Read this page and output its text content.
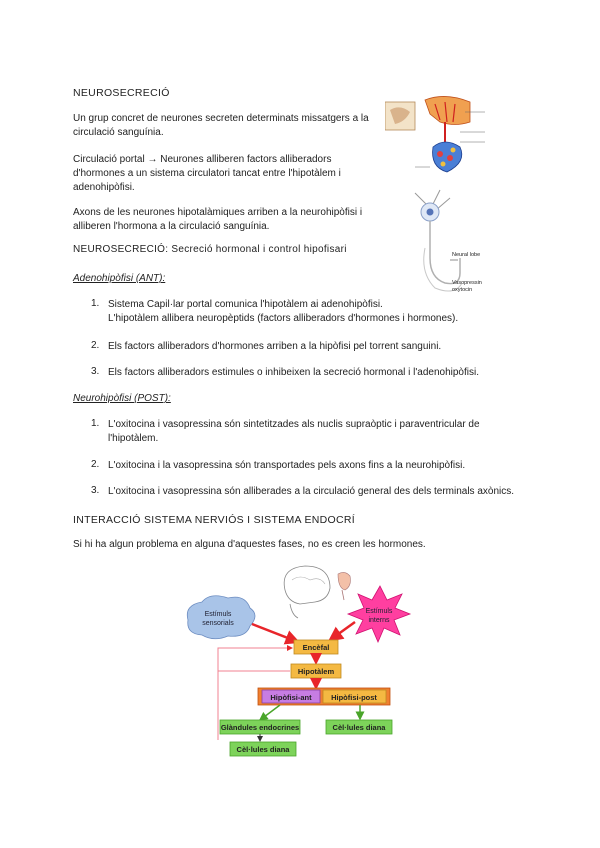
NEUROSECRECIÓ
Un grup concret de neurones secreten determinats missatgers a la
circulació sanguínia.
Circulació portal → Neurones alliberen factors alliberadors
d'hormones a un sistema circulatori tancat entre l'hipotàlem i
adenohipòfisi.
Axons de les neurones hipotalàmiques arriben a la neurohipòfisi i
alliberen l'hormona a la circulació sanguínia.
Neural lobe
Vasopressin oxytocin
NEUROSECRECIÓ: Secreció hormonal i control hipofisari
Adenohipòfisi (ANT):
1. Sistema Capil·lar portal comunica l'hipotàlem ai adenohipòfisi.
L'hipotàlem allibera neuropèptids (factors alliberadors d'hormones i hormones).
2. Els factors alliberadors d'hormones arriben a la hipòfisi pel torrent sanguini.
3. Els factors alliberadors estimules o inhibeixen la secreció hormonal i l'adenohipòfisi.
Neurohipòfisi (POST):
1. L'oxitocina i vasopressina són sintetitzades als nuclis supraòptic i paraventricular de
l'hipotàlem.
2. L'oxitocina i la vasopressina són transportades pels axons fins a la neurohipòfisi.
3. L'oxitocina i vasopressina són alliberades a la circulació general des dels terminals axònics.
INTERACCIÓ SISTEMA NERVIÓS I SISTEMA ENDOCRÍ
Si hi ha algun problema en alguna d'aquestes fases, no es creen les hormones.
Estímuls
sensorials
Estímuls
interns
Encèfal
Hipotàlem
Hipòfisi-ant	Hipòfisi-post
Glàndules endocrines	Cèl·lules diana
Cèl·lules diana
